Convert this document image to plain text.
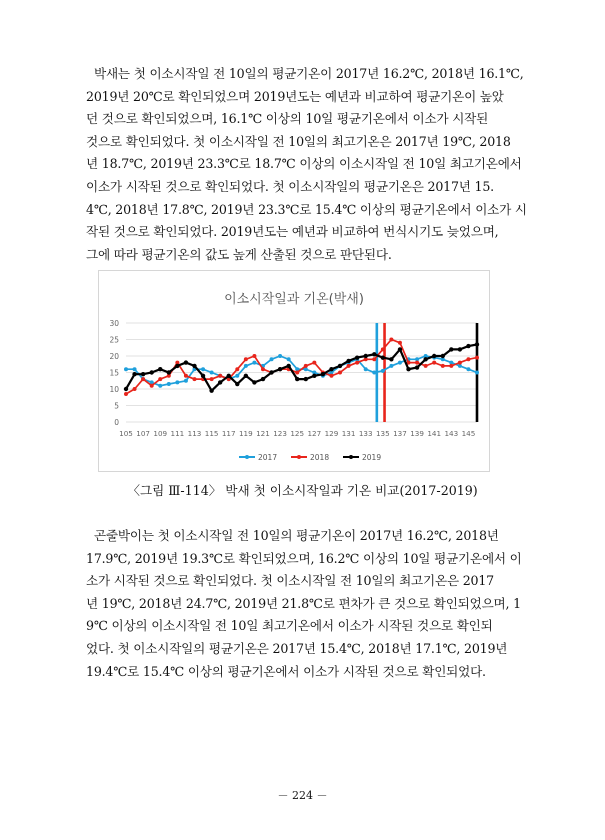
박새는 첫 이소시작일 전 10일의 평균기온이 2017년 16.2℃, 2018년 16.1℃,
2019년 20℃로 확인되었으며 2019년도는 예년과 비교하여 평균기온이 높았
던 것으로 확인되었으며, 16.1℃ 이상의 10일 평균기온에서 이소가 시작된
것으로 확인되었다. 첫 이소시작일 전 10일의 최고기온은 2017년 19℃, 2018
년 18.7℃, 2019년 23.3℃로 18.7℃ 이상의 이소시작일 전 10일 최고기온에서
이소가 시작된 것으로 확인되었다. 첫 이소시작일의 평균기온은 2017년 15.
4℃, 2018년 17.8℃, 2019년 23.3℃로 15.4℃ 이상의 평균기온에서 이소가 시
작된 것으로 확인되었다. 2019년도는 예년과 비교하여 번식시기도 늦었으며,
그에 따라 평균기온의 값도 높게 산출된 것으로 판단된다.
이소시작일과 기온(박새)
0
5
10
15
20
25
30
105 107 109 111 113 115 117 119 121 123 125 127 129 131 133 135 137 139 141 143 145
2017	2018	2019
〈그림 Ⅲ-114〉 박새 첫 이소시작일과 기온 비교(2017-2019)
곤줄박이는 첫 이소시작일 전 10일의 평균기온이 2017년 16.2℃, 2018년
17.9℃, 2019년 19.3℃로 확인되었으며, 16.2℃ 이상의 10일 평균기온에서 이
소가 시작된 것으로 확인되었다. 첫 이소시작일 전 10일의 최고기온은 2017
년 19℃, 2018년 24.7℃, 2019년 21.8℃로 편차가 큰 것으로 확인되었으며, 1
9℃ 이상의 이소시작일 전 10일 최고기온에서 이소가 시작된 것으로 확인되
었다. 첫 이소시작일의 평균기온은 2017년 15.4℃, 2018년 17.1℃, 2019년
19.4℃로 15.4℃ 이상의 평균기온에서 이소가 시작된 것으로 확인되었다.
－ 224 －
